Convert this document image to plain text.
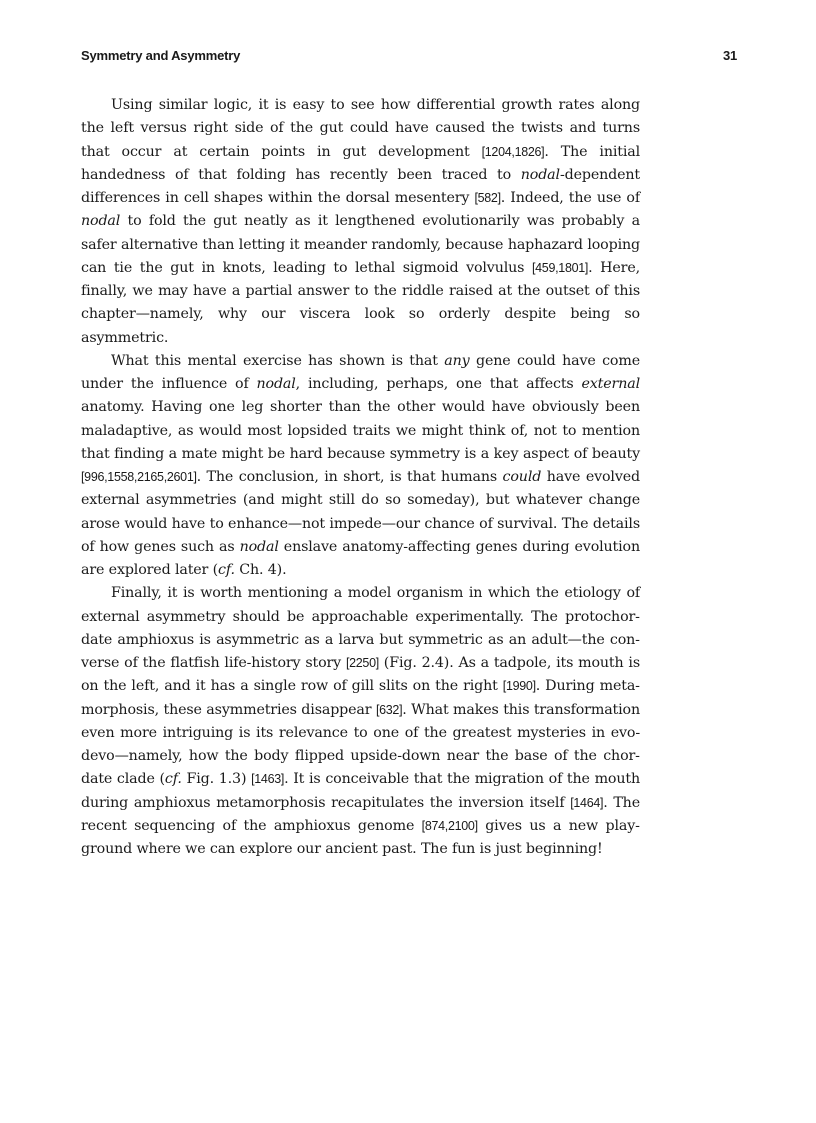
Symmetry and Asymmetry	31

Using similar logic, it is easy to see how differential growth rates along the left versus right side of the gut could have caused the twists and turns that occur at certain points in gut development [1204,1826]. The initial handedness of that folding has recently been traced to nodal-dependent differences in cell shapes within the dorsal mesentery [582]. Indeed, the use of nodal to fold the gut neatly as it lengthened evolutionarily was probably a safer alternative than letting it meander randomly, because haphazard looping can tie the gut in knots, leading to lethal sigmoid volvulus [459,1801]. Here, finally, we may have a partial answer to the riddle raised at the outset of this chapter—namely, why our viscera look so orderly despite being so asymmetric.

What this mental exercise has shown is that any gene could have come under the influence of nodal, including, perhaps, one that affects external anatomy. Having one leg shorter than the other would have obviously been maladaptive, as would most lopsided traits we might think of, not to mention that finding a mate might be hard because symmetry is a key aspect of beauty [996,1558,2165,2601]. The conclusion, in short, is that humans could have evolved external asymmetries (and might still do so someday), but whatever change arose would have to enhance—not impede—our chance of survival. The details of how genes such as nodal enslave anatomy-affecting genes during evolution are explored later (cf. Ch. 4).

Finally, it is worth mentioning a model organism in which the etiology of external asymmetry should be approachable experimentally. The protochordate amphioxus is asymmetric as a larva but symmetric as an adult—the converse of the flatfish life-history story [2250] (Fig. 2.4). As a tadpole, its mouth is on the left, and it has a single row of gill slits on the right [1990]. During metamorphosis, these asymmetries disappear [632]. What makes this transformation even more intriguing is its relevance to one of the greatest mysteries in evo-devo—namely, how the body flipped upside-down near the base of the chordate clade (cf. Fig. 1.3) [1463]. It is conceivable that the migration of the mouth during amphioxus metamorphosis recapitulates the inversion itself [1464]. The recent sequencing of the amphioxus genome [874,2100] gives us a new playground where we can explore our ancient past. The fun is just beginning!
